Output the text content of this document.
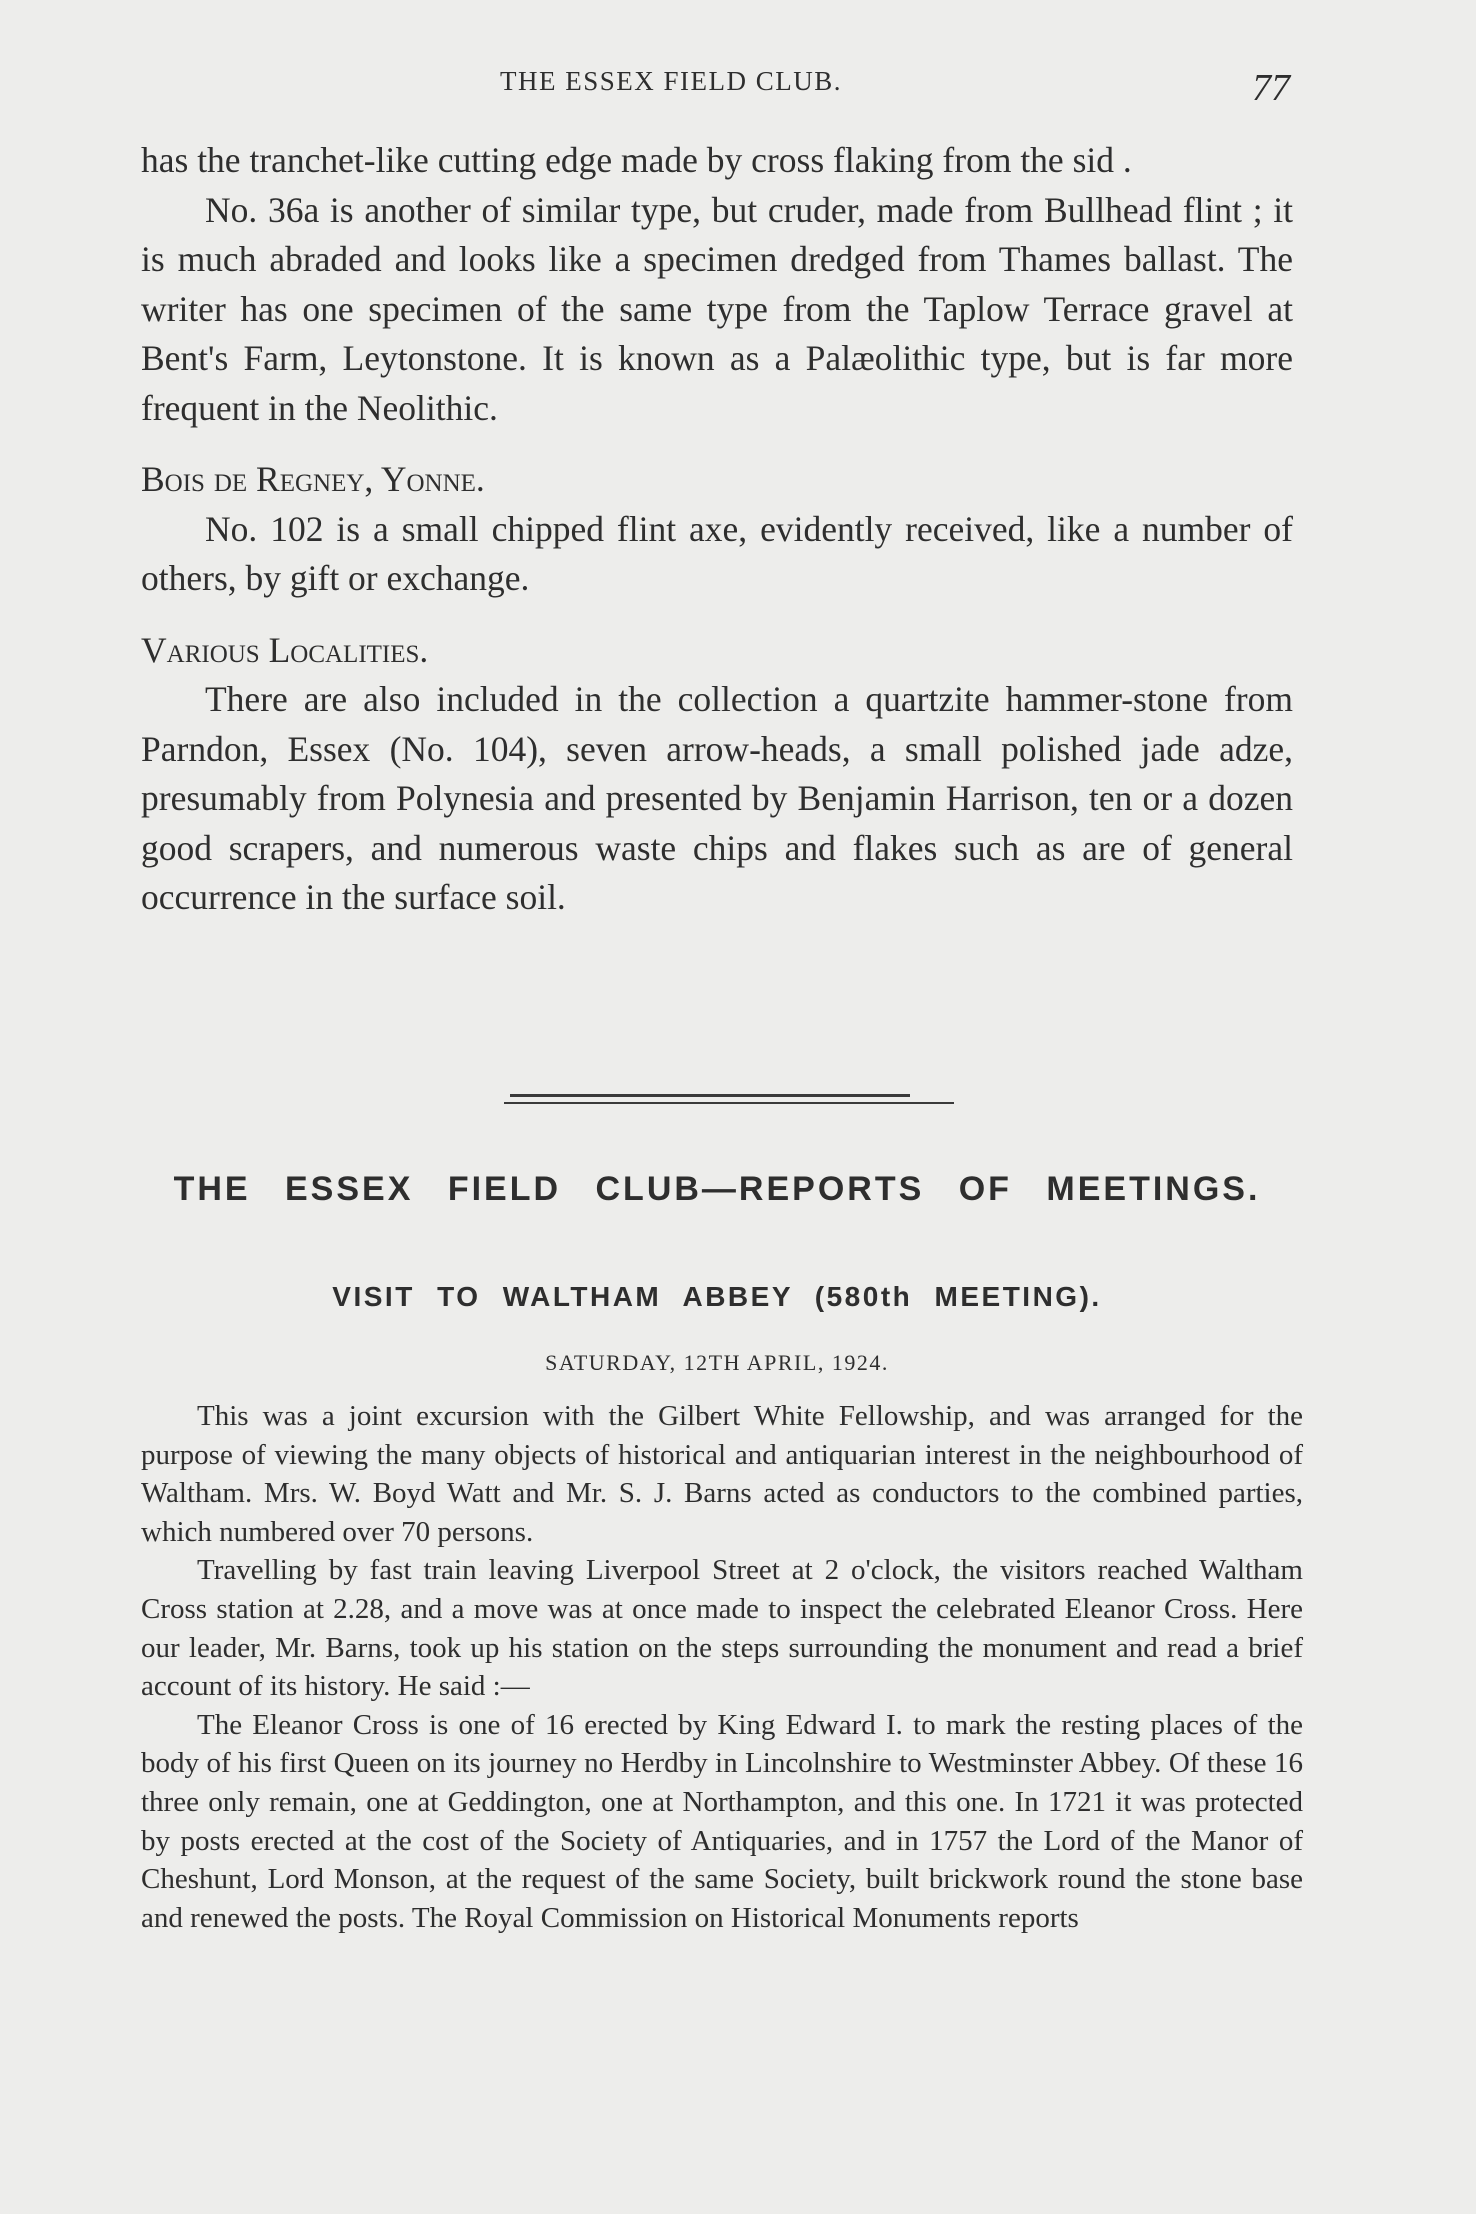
THE ESSEX FIELD CLUB.	77

has the tranchet-like cutting edge made by cross flaking from the sid .

No. 36a is another of similar type, but cruder, made from Bullhead flint ; it is much abraded and looks like a specimen dredged from Thames ballast. The writer has one specimen of the same type from the Taplow Terrace gravel at Bent's Farm, Leytonstone. It is known as a Palæolithic type, but is far more frequent in the Neolithic.

Bois de Regney, Yonne.

No. 102 is a small chipped flint axe, evidently received, like a number of others, by gift or exchange.

Various Localities.

There are also included in the collection a quartzite hammer-stone from Parndon, Essex (No. 104), seven arrow-heads, a small polished jade adze, presumably from Polynesia and presented by Benjamin Harrison, ten or a dozen good scrapers, and numerous waste chips and flakes such as are of general occurrence in the surface soil.

THE ESSEX FIELD CLUB—REPORTS OF MEETINGS.
VISIT TO WALTHAM ABBEY (580th MEETING).
SATURDAY, 12TH APRIL, 1924.

This was a joint excursion with the Gilbert White Fellowship, and was arranged for the purpose of viewing the many objects of historical and antiquarian interest in the neighbourhood of Waltham. Mrs. W. Boyd Watt and Mr. S. J. Barns acted as conductors to the combined parties, which numbered over 70 persons.

Travelling by fast train leaving Liverpool Street at 2 o'clock, the visitors reached Waltham Cross station at 2.28, and a move was at once made to inspect the celebrated Eleanor Cross. Here our leader, Mr. Barns, took up his station on the steps surrounding the monument and read a brief account of its history. He said :—

The Eleanor Cross is one of 16 erected by King Edward I. to mark the resting places of the body of his first Queen on its journey no Herdby in Lincolnshire to Westminster Abbey. Of these 16 three only remain, one at Geddington, one at Northampton, and this one. In 1721 it was protected by posts erected at the cost of the Society of Antiquaries, and in 1757 the Lord of the Manor of Cheshunt, Lord Monson, at the request of the same Society, built brickwork round the stone base and renewed the posts. The Royal Commission on Historical Monuments reports
